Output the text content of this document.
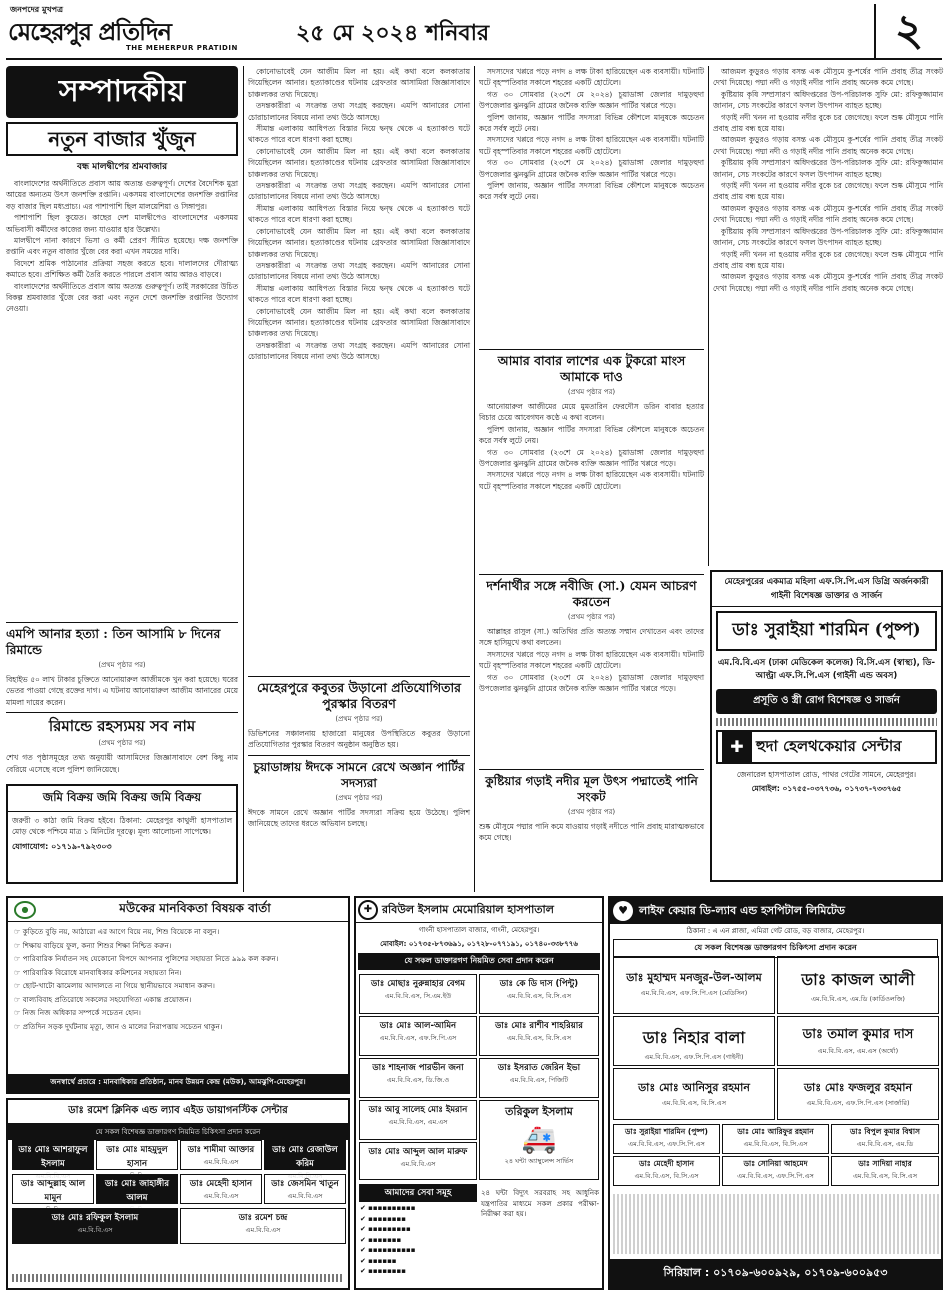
জনপদের মুখপত্র
মেহেরপুর প্রতিদিন
THE MEHERPUR PRATIDIN
২৫ মে ২০২৪ শনিবার	২
সম্পাদকীয়
নতুন বাজার খুঁজুন
বন্ধ মালদ্বীপের শ্রমবাজার

বাংলাদেশের অর্থনীতিতে প্রবাস আয় অত্যন্ত গুরুত্বপূর্ণ। দেশের বৈদেশিক মুদ্রা আয়ের অন্যতম উৎস জনশক্তি রপ্তানি। একসময় বাংলাদেশের জনশক্তি রপ্তানির বড় বাজার ছিল মধ্যপ্রাচ্য। এর পাশাপাশি ছিল মালয়েশিয়া ও সিঙ্গাপুর।

পাশাপাশি ছিল কুয়েত। কাছের দেশ মালদ্বীপেও বাংলাদেশের একসময় অভিবাসী কর্মীদের কাজের জন্য যাওয়ার হার উল্লেখ্য।

মালদ্বীপে নানা কারণে ভিসা ও কর্মী প্রেরণ সীমিত হয়েছে। দক্ষ জনশক্তি রপ্তানি এবং নতুন বাজার খুঁজে বের করা এখন সময়ের দাবি।

বিদেশে শ্রমিক পাঠানোর প্রক্রিয়া সহজ করতে হবে। দালালদের দৌরাত্ম্য কমাতে হবে। প্রশিক্ষিত কর্মী তৈরি করতে পারলে প্রবাস আয় আরও বাড়বে।

বাংলাদেশের অর্থনীতিতে প্রবাস আয় অত্যন্ত গুরুত্বপূর্ণ। তাই সরকারের উচিত বিকল্প শ্রমবাজার খুঁজে বের করা এবং নতুন দেশে জনশক্তি রপ্তানির উদ্যোগ নেওয়া।

এমপি আনার হত্যা : তিন আসামি ৮ দিনের রিমান্ডে
(প্রথম পৃষ্ঠার পর)
বিহাইভ ৫০ লাখ টাকার চুক্তিতে আনোয়ারুল আজীমকে খুন করা হয়েছে। ঘরের ভেতর পাওয়া গেছে রক্তের দাগ। এ ঘটনায় আনোয়ারুল আজীম আনারের মেয়ে মামলা দায়ের করেন।
রিমান্ডে রহস্যময় সব নাম
(প্রথম পৃষ্ঠার পর)
শেখ গত পৃষ্ঠাসমূহের তথ্য অনুযায়ী আসামিদের জিজ্ঞাসাবাদে বেশ কিছু নাম বেরিয়ে এসেছে বলে পুলিশ জানিয়েছে।
জমি বিক্রয় জমি বিক্রয় জমি বিক্রয়
জরুরী ৩ কাঠা জমি বিক্রয় হইবে। ঠিকানা: মেহেরপুর কাথুলী হাসপাতাল মোড় থেকে পশ্চিমে মাত্র ১ মিনিটের দূরত্বে। মূল্য আলোচনা সাপেক্ষে।
যোগাযোগ: ০১৭১৯-৭৯২৩০৩

কোনোভাবেই যেন আজীম মিল না হয়। এই কথা বলে কলকাতায় গিয়েছিলেন আনার। হত্যাকাণ্ডের ঘটনায় গ্রেফতার আসামিরা জিজ্ঞাসাবাদে চাঞ্চল্যকর তথ্য দিয়েছে।

তদন্তকারীরা এ সংক্রান্ত তথ্য সংগ্রহ করছেন। এমপি আনারের সোনা চোরাচালানের বিষয়ে নানা তথ্য উঠে আসছে।

সীমান্ত এলাকায় আধিপত্য বিস্তার নিয়ে দ্বন্দ্ব থেকে এ হত্যাকাণ্ড ঘটে থাকতে পারে বলে ধারণা করা হচ্ছে।

কোনোভাবেই যেন আজীম মিল না হয়। এই কথা বলে কলকাতায় গিয়েছিলেন আনার। হত্যাকাণ্ডের ঘটনায় গ্রেফতার আসামিরা জিজ্ঞাসাবাদে চাঞ্চল্যকর তথ্য দিয়েছে।

তদন্তকারীরা এ সংক্রান্ত তথ্য সংগ্রহ করছেন। এমপি আনারের সোনা চোরাচালানের বিষয়ে নানা তথ্য উঠে আসছে।

সীমান্ত এলাকায় আধিপত্য বিস্তার নিয়ে দ্বন্দ্ব থেকে এ হত্যাকাণ্ড ঘটে থাকতে পারে বলে ধারণা করা হচ্ছে।

কোনোভাবেই যেন আজীম মিল না হয়। এই কথা বলে কলকাতায় গিয়েছিলেন আনার। হত্যাকাণ্ডের ঘটনায় গ্রেফতার আসামিরা জিজ্ঞাসাবাদে চাঞ্চল্যকর তথ্য দিয়েছে।

তদন্তকারীরা এ সংক্রান্ত তথ্য সংগ্রহ করছেন। এমপি আনারের সোনা চোরাচালানের বিষয়ে নানা তথ্য উঠে আসছে।

সীমান্ত এলাকায় আধিপত্য বিস্তার নিয়ে দ্বন্দ্ব থেকে এ হত্যাকাণ্ড ঘটে থাকতে পারে বলে ধারণা করা হচ্ছে।

কোনোভাবেই যেন আজীম মিল না হয়। এই কথা বলে কলকাতায় গিয়েছিলেন আনার। হত্যাকাণ্ডের ঘটনায় গ্রেফতার আসামিরা জিজ্ঞাসাবাদে চাঞ্চল্যকর তথ্য দিয়েছে।

তদন্তকারীরা এ সংক্রান্ত তথ্য সংগ্রহ করছেন। এমপি আনারের সোনা চোরাচালানের বিষয়ে নানা তথ্য উঠে আসছে।

মেহেরপুরে কবুতর উড়ানো প্রতিযোগিতার পুরস্কার বিতরণ
(প্রথম পৃষ্ঠার পর)
ডিভিশনের সঞ্চালনায় হাজারো মানুষের উপস্থিতিতে কবুতর উড়ানো প্রতিযোগিতার পুরস্কার বিতরণ অনুষ্ঠান অনুষ্ঠিত হয়।
চুয়াডাঙ্গায় ঈদকে সামনে রেখে অজ্ঞান পার্টির সদস্যরা
(প্রথম পৃষ্ঠার পর)
ঈদকে সামনে রেখে অজ্ঞান পার্টির সদস্যরা সক্রিয় হয়ে উঠেছে। পুলিশ জানিয়েছে তাদের ধরতে অভিযান চলছে।

সদস্যদের খপ্পরে পড়ে নগদ ৪ লক্ষ টাকা হারিয়েছেন এক ব্যবসায়ী। ঘটনাটি ঘটে বৃহস্পতিবার সকালে শহরের একটি হোটেলে।

গত ৩০ সোমবার (২৩শে মে ২০২৪) চুয়াডাঙ্গা জেলার দামুড়হুদা উপজেলার ঝুনঝুনি গ্রামের জনৈক ব্যক্তি অজ্ঞান পার্টির খপ্পরে পড়ে।

পুলিশ জানায়, অজ্ঞান পার্টির সদস্যরা বিভিন্ন কৌশলে মানুষকে অচেতন করে সর্বস্ব লুটে নেয়।

সদস্যদের খপ্পরে পড়ে নগদ ৪ লক্ষ টাকা হারিয়েছেন এক ব্যবসায়ী। ঘটনাটি ঘটে বৃহস্পতিবার সকালে শহরের একটি হোটেলে।

গত ৩০ সোমবার (২৩শে মে ২০২৪) চুয়াডাঙ্গা জেলার দামুড়হুদা উপজেলার ঝুনঝুনি গ্রামের জনৈক ব্যক্তি অজ্ঞান পার্টির খপ্পরে পড়ে।

পুলিশ জানায়, অজ্ঞান পার্টির সদস্যরা বিভিন্ন কৌশলে মানুষকে অচেতন করে সর্বস্ব লুটে নেয়।

আমার বাবার লাশের এক টুকরো মাংস আমাকে দাও
(প্রথম পৃষ্ঠার পর)

আনোয়ারুল আজীমের মেয়ে মুমতারিন ফেরদৌস ডরিন বাবার হত্যার বিচার চেয়ে আবেগঘন কণ্ঠে এ কথা বলেন।

পুলিশ জানায়, অজ্ঞান পার্টির সদস্যরা বিভিন্ন কৌশলে মানুষকে অচেতন করে সর্বস্ব লুটে নেয়।

গত ৩০ সোমবার (২৩শে মে ২০২৪) চুয়াডাঙ্গা জেলার দামুড়হুদা উপজেলার ঝুনঝুনি গ্রামের জনৈক ব্যক্তি অজ্ঞান পার্টির খপ্পরে পড়ে।

সদস্যদের খপ্পরে পড়ে নগদ ৪ লক্ষ টাকা হারিয়েছেন এক ব্যবসায়ী। ঘটনাটি ঘটে বৃহস্পতিবার সকালে শহরের একটি হোটেলে।

দর্শনার্থীর সঙ্গে নবীজি (সা.) যেমন আচরণ করতেন
(প্রথম পৃষ্ঠার পর)

আল্লাহর রাসুল (সা.) অতিথির প্রতি অত্যন্ত সম্মান দেখাতেন এবং তাদের সঙ্গে হাসিমুখে কথা বলতেন।

সদস্যদের খপ্পরে পড়ে নগদ ৪ লক্ষ টাকা হারিয়েছেন এক ব্যবসায়ী। ঘটনাটি ঘটে বৃহস্পতিবার সকালে শহরের একটি হোটেলে।

গত ৩০ সোমবার (২৩শে মে ২০২৪) চুয়াডাঙ্গা জেলার দামুড়হুদা উপজেলার ঝুনঝুনি গ্রামের জনৈক ব্যক্তি অজ্ঞান পার্টির খপ্পরে পড়ে।

কুষ্টিয়ার গড়াই নদীর মূল উৎস পদ্মাতেই পানি সংকট
(প্রথম পৃষ্ঠার পর)
শুষ্ক মৌসুমে পদ্মার পানি কমে যাওয়ায় গড়াই নদীতে পানি প্রবাহ মারাত্মকভাবে কমে গেছে।

আজমল কুড়ুরও গড়ায় বসন্ত এক মৌসুমে কু-শর্ষের পানি প্রবাহ তীব্র সংকট দেখা দিয়েছে। পদ্মা নদী ও গড়াই নদীর পানি প্রবাহ অনেক কমে গেছে।

কুষ্টিয়ায় কৃষি সম্প্রসারণ অধিদপ্তরের উপ-পরিচালক সুফি মো: রফিকুজ্জামান জানান, সেচ সংকটের কারণে ফসল উৎপাদন ব্যাহত হচ্ছে।

গড়াই নদী খনন না হওয়ায় নদীর বুকে চর জেগেছে। ফলে শুষ্ক মৌসুমে পানি প্রবাহ প্রায় বন্ধ হয়ে যায়।

আজমল কুড়ুরও গড়ায় বসন্ত এক মৌসুমে কু-শর্ষের পানি প্রবাহ তীব্র সংকট দেখা দিয়েছে। পদ্মা নদী ও গড়াই নদীর পানি প্রবাহ অনেক কমে গেছে।

কুষ্টিয়ায় কৃষি সম্প্রসারণ অধিদপ্তরের উপ-পরিচালক সুফি মো: রফিকুজ্জামান জানান, সেচ সংকটের কারণে ফসল উৎপাদন ব্যাহত হচ্ছে।

গড়াই নদী খনন না হওয়ায় নদীর বুকে চর জেগেছে। ফলে শুষ্ক মৌসুমে পানি প্রবাহ প্রায় বন্ধ হয়ে যায়।

আজমল কুড়ুরও গড়ায় বসন্ত এক মৌসুমে কু-শর্ষের পানি প্রবাহ তীব্র সংকট দেখা দিয়েছে। পদ্মা নদী ও গড়াই নদীর পানি প্রবাহ অনেক কমে গেছে।

কুষ্টিয়ায় কৃষি সম্প্রসারণ অধিদপ্তরের উপ-পরিচালক সুফি মো: রফিকুজ্জামান জানান, সেচ সংকটের কারণে ফসল উৎপাদন ব্যাহত হচ্ছে।

গড়াই নদী খনন না হওয়ায় নদীর বুকে চর জেগেছে। ফলে শুষ্ক মৌসুমে পানি প্রবাহ প্রায় বন্ধ হয়ে যায়।

আজমল কুড়ুরও গড়ায় বসন্ত এক মৌসুমে কু-শর্ষের পানি প্রবাহ তীব্র সংকট দেখা দিয়েছে। পদ্মা নদী ও গড়াই নদীর পানি প্রবাহ অনেক কমে গেছে।

মেহেরপুরের একমাত্র মহিলা এফ.সি.পি.এস ডিগ্রি অর্জনকারী গাইনী বিশেষজ্ঞ ডাক্তার ও সার্জন
ডাঃ সুরাইয়া শারমিন (পুষ্প)
এম.বি.বি.এস (ঢাকা মেডিকেল কলেজ) বি.সি.এস (স্বাস্থ্য), ডি-আল্ট্রা এফ.সি.পি.এস (গাইনী এন্ড অবস)
প্রসূতি ও স্ত্রী রোগ বিশেষজ্ঞ ও সার্জন
✚ হুদা হেলথকেয়ার সেন্টার
জেনারেল হাসপাতাল রোড, পাথর গেটের সামনে, মেহেরপুর।
মোবাইল: ০১৭৫৫-০৩৭৭৩৬, ০১৭৩৭-৭৩৩৭৬৫
●	মউকের মানবিকতা বিষয়ক বার্তা
☞ কুড়িতে বুড়ি নয়, আঠারো এর আগে বিয়ে নয়, শিশু বিয়েকে না বলুন।
☞ শিক্ষায় বাড়িয়ে ফুল, কন্যা শিশুর শিক্ষা নিশ্চিত করুন।
☞ পারিবারিক নির্যাতন সহ যেকোনো বিপদে আপনার পুলিশের সহায়তা নিতে ৯৯৯ কল করুন।
☞ পারিবারিক বিরোধে মানবাধিকার কমিশনের সহায়তা নিন।
☞ ছোট-খাটো ঝামেলায় আদালতে না গিয়ে স্থানীয়ভাবে সমাধান করুন।
☞ বাল্যবিবাহ প্রতিরোধে সকলের সহযোগিতা একান্ত প্রয়োজন।
☞ নিজ নিজ অধিকার সম্পর্কে সচেতন হোন।
☞ প্রতিদিন সড়ক দুর্ঘটনায় মৃত্যু, জান ও মালের নিরাপত্তায় সচেতন থাকুন।
জনস্বার্থে প্রচারে : মানবাধিকার প্রতিষ্ঠান, মানব উন্নয়ন কেন্দ্র (মউক), আমঝুপি-মেহেরপুর।
ডাঃ রমেশ ক্লিনিক এন্ড ল্যাব এইড ডায়াগনস্টিক সেন্টার
যে সকল বিশেষজ্ঞ ডাক্তারগণ নিয়মিত চিকিৎসা প্রদান করেন
ডাঃ মোঃ আশরাফুল ইসলাম
এম.বি.বি.এস
ডাঃ মোঃ মাহমুদুল হাসান
ডাঃ শামীমা আক্তার
এম.বি.বি.এস
ডাঃ মোঃ রেজাউল করিম
এম.বি.বি.এস
ডাঃ আব্দুল্লাহ আল মামুন
ডাঃ মোঃ জাহাঙ্গীর আলম
ডাঃ মেহেদী হাসান
এম.বি.বি.এস
ডাঃ জেসমিন খাতুন
এম.বি.বি.এস
ডাঃ মোঃ রফিকুল ইসলাম
এম.বি.বি.এস
ডাঃ রমেশ চন্দ্র
এম.বি.বি.এস
✚ রবিউল ইসলাম মেমোরিয়াল হাসপাতাল
গাংনী হাসপাতাল বাজার, গাংনী, মেহেরপুর।
মোবাইল: ০১৭৩৫-৮৭৩৬৯১, ০১৭২৮-০৭৭১৯১, ০১৭৪০-৩৩৮৭৭৬
যে সকল ডাক্তারগণ নিয়মিত সেবা প্রদান করেন
ডাঃ মোছাঃ নুরুন্নাহার বেগম
এম.বি.বি.এস, সি.এম.ইউ
ডাঃ কে ডি দাস (পিন্টু)
এম.বি.বি.এস, বি.সি.এস
ডাঃ মোঃ আল-আমিন
এম.বি.বি.এস, এফ.সি.পি.এস
ডাঃ মোঃ রাশীব শাহরিয়ার
এম.বি.বি.এস, বি.সি.এস
ডাঃ শাহনাজ পারভীন জনা
এম.বি.বি.এস, ডি.জি.ও
ডাঃ ইসরাত জেরিন ইভা
এম.বি.বি.এস, পিজিটি
ডাঃ আবু সালেহ মোঃ ইমরান
এম.বি.বি.এস, এম.এস
তরিকুল ইসলাম
🚑
২৪ ঘন্টা অ্যাম্বুলেন্স সার্ভিস
ডাঃ মোঃ আব্দুল আল মারুফ
এম.বি.বি.এস
আমাদের সেবা সমূহ
✔ ▪▪▪▪▪▪▪▪▪▪
✔ ▪▪▪▪▪▪▪▪
✔ ▪▪▪▪▪▪▪▪▪
✔ ▪▪▪▪▪▪▪
✔ ▪▪▪▪▪▪▪▪▪▪
✔ ▪▪▪▪▪▪
✔ ▪▪▪▪▪▪▪▪
২৪ ঘন্টা বিদ্যুৎ সরবরাহ সহ আধুনিক যন্ত্রপাতির মাধ্যমে সকল প্রকার পরীক্ষা-নিরীক্ষা করা হয়।
♥	লাইফ কেয়ার ডি-ল্যাব এন্ড হসপিটাল লিমিটেড
ঠিকানা : এ এন প্লাজা, এমিরা গেট রোড, বড় বাজার, মেহেরপুর।
যে সকল বিশেষজ্ঞ ডাক্তারগণ চিকিৎসা প্রদান করেন
ডাঃ মুহাম্মদ মনজুর-উল-আলম
এম.বি.বি.এস, এফ.সি.পি.এস (মেডিসিন)
ডাঃ কাজল আলী
এম.বি.বি.এস, এম.ডি (কার্ডিওলজি)
ডাঃ নিহার বালা
এম.বি.বি.এস, এফ.সি.পি.এস (গাইনী)
ডাঃ তমাল কুমার দাস
এম.বি.বি.এস, এম.এস (অর্থো)
ডাঃ মোঃ আনিসুর রহমান
এম.বি.বি.এস, বি.সি.এস
ডাঃ মোঃ ফজলুর রহমান
এম.বি.বি.এস, এফ.সি.পি.এস (সার্জারি)
ডাঃ সুরাইয়া শারমিন (পুষ্প)
এম.বি.বি.এস, এফ.সি.পি.এস
ডাঃ মোঃ আরিফুর রহমান
এম.বি.বি.এস, বি.সি.এস
ডাঃ বিপুল কুমার বিশ্বাস
এম.বি.বি.এস, এম.ডি
ডাঃ মেহেদী হাসান
এম.বি.বি.এস, বি.সি.এস
ডাঃ সোনিয়া আহমেদ
এম.বি.বি.এস, এফ.সি.পি.এস
ডাঃ সাদিয়া নাহার
এম.বি.বি.এস, বি.সি.এস
সিরিয়াল : ০১৭০৯-৬০০৯২৯, ০১৭০৯-৬০০৯৫৩
